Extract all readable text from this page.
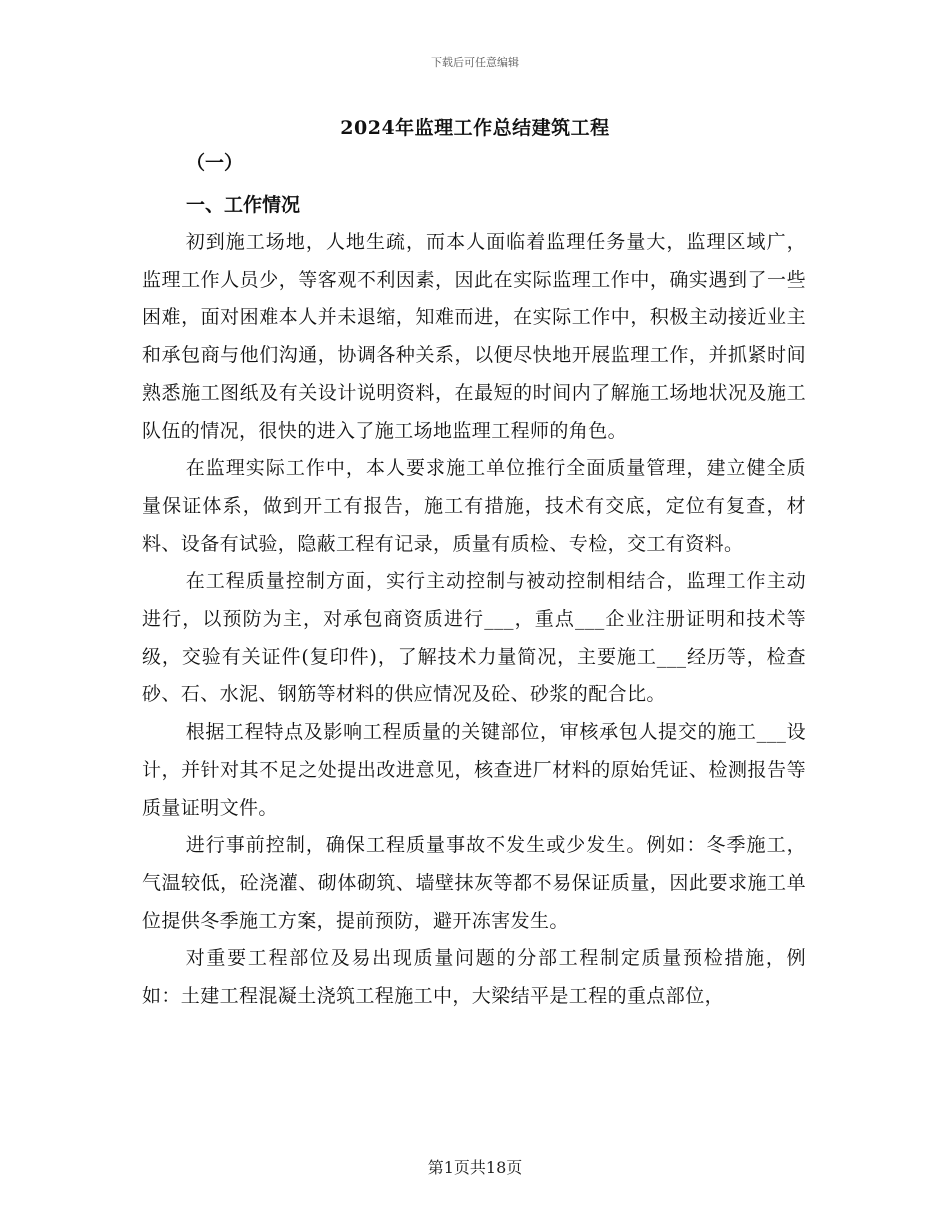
下载后可任意编辑
2024年监理工作总结建筑工程
（一）
一、工作情况

初到施工场地，人地生疏，而本人面临着监理任务量大，监理区域广，监理工作人员少，等客观不利因素，因此在实际监理工作中，确实遇到了一些困难，面对困难本人并未退缩，知难而进，在实际工作中，积极主动接近业主和承包商与他们沟通，协调各种关系，以便尽快地开展监理工作，并抓紧时间熟悉施工图纸及有关设计说明资料，在最短的时间内了解施工场地状况及施工队伍的情况，很快的进入了施工场地监理工程师的角色。

在监理实际工作中，本人要求施工单位推行全面质量管理，建立健全质量保证体系，做到开工有报告，施工有措施，技术有交底，定位有复查，材料、设备有试验，隐蔽工程有记录，质量有质检、专检，交工有资料。

在工程质量控制方面，实行主动控制与被动控制相结合，监理工作主动进行，以预防为主，对承包商资质进行___，重点___企业注册证明和技术等级，交验有关证件(复印件)，了解技术力量简况，主要施工___经历等，检查砂、石、水泥、钢筋等材料的供应情况及砼、砂浆的配合比。

根据工程特点及影响工程质量的关键部位，审核承包人提交的施工___设计，并针对其不足之处提出改进意见，核查进厂材料的原始凭证、检测报告等质量证明文件。

进行事前控制，确保工程质量事故不发生或少发生。例如：冬季施工，气温较低，砼浇灌、砌体砌筑、墙壁抹灰等都不易保证质量，因此要求施工单位提供冬季施工方案，提前预防，避开冻害发生。

对重要工程部位及易出现质量问题的分部工程制定质量预检措施，例如：土建工程混凝土浇筑工程施工中，大梁结平是工程的重点部位，

第1页共18页
